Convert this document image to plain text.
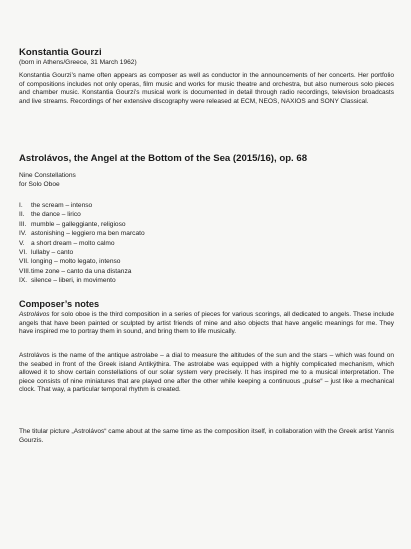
Konstantia Gourzi
(born in Athens/Greece, 31 March 1962)
Konstantia Gourzi’s name often appears as composer as well as conductor in the announcements of her concerts. Her portfolio of compositions includes not only operas, film music and works for music theatre and orchestra, but also numerous solo pieces and chamber music. Konstantia Gourzi’s musical work is documented in detail through radio recordings, television broadcasts and live streams. Recordings of her extensive discography were released at ECM, NEOS, NAXIOS and SONY Classical.
Astrolávos, the Angel at the Bottom of the Sea (2015/16), op. 68
Nine Constellations
for Solo Oboe
I.	the scream – intenso
II. the dance – lirico
III. mumble – galleggiante, religioso
IV. astonishing – leggiero ma ben marcato
V. a short dream – molto calmo
VI. lullaby – canto
VII. longing – molto legato, intenso
VIII. time zone – canto da una distanza
IX. silence – liberi, in movimento
Composer’s notes
Astrolávos for solo oboe is the third composition in a series of pieces for various scorings, all dedicated to angels. These include angels that have been painted or sculpted by artist friends of mine and also objects that have angelic meanings for me. They have inspired me to portray them in sound, and bring them to life musically.
Astrolávos is the name of the antique astrolabe – a dial to measure the altitudes of the sun and the stars – which was found on the seabed in front of the Greek island Antikýthira. The astrolabe was equipped with a highly complicated mechanism, which allowed it to show certain constellations of our solar system very precisely. It has inspired me to a musical interpretation. The piece consists of nine miniatures that are played one after the other while keeping a continuous „pulse“ – just like a mechanical clock. That way, a particular temporal rhythm is created.
The titular picture „Astrolávos“ came about at the same time as the composition itself, in collaboration with the Greek artist Yannis Gourzis.
